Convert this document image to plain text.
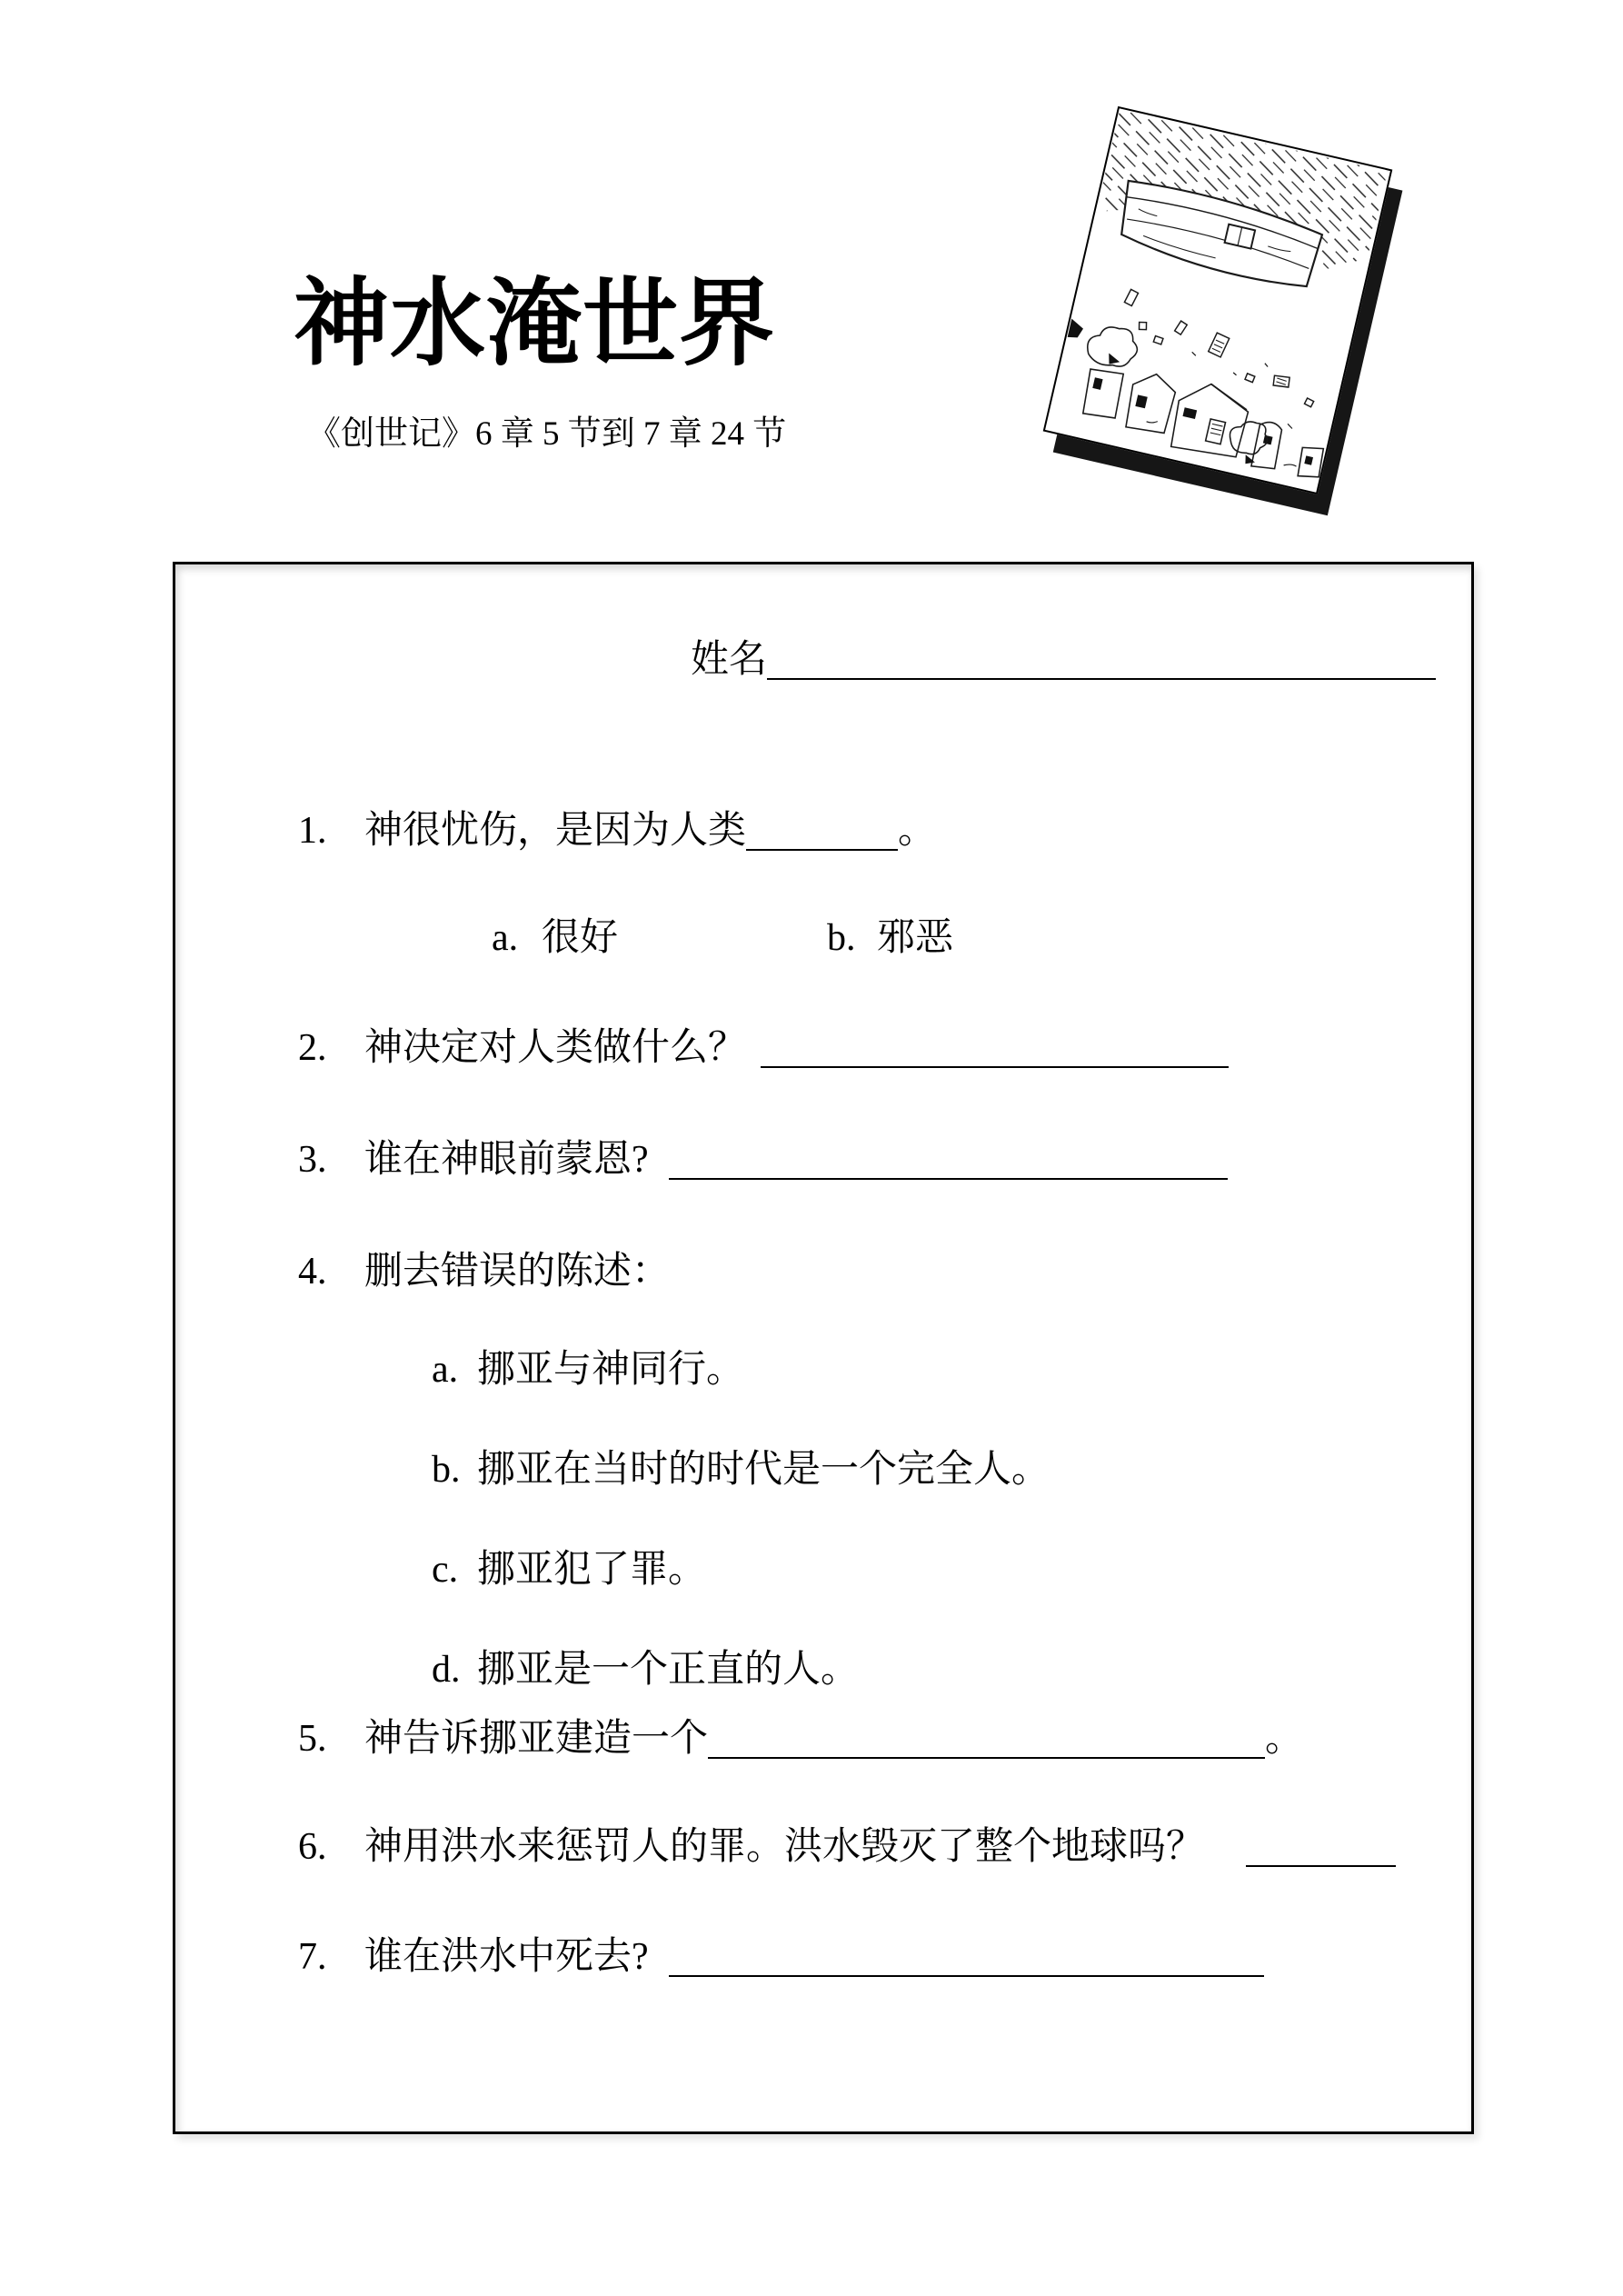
神水淹世界
《创世记》6 章 5 节到 7 章 24 节
姓名
1. 神很忧伤，是因为人类	。
a. 很好	b. 邪恶
2. 神决定对人类做什么？
3. 谁在神眼前蒙恩?
4. 删去错误的陈述：
a. 挪亚与神同行。
b. 挪亚在当时的时代是一个完全人。
c. 挪亚犯了罪。
d. 挪亚是一个正直的人。
5. 神告诉挪亚建造一个	。
6. 神用洪水来惩罚人的罪。洪水毁灭了整个地球吗？
7. 谁在洪水中死去?
